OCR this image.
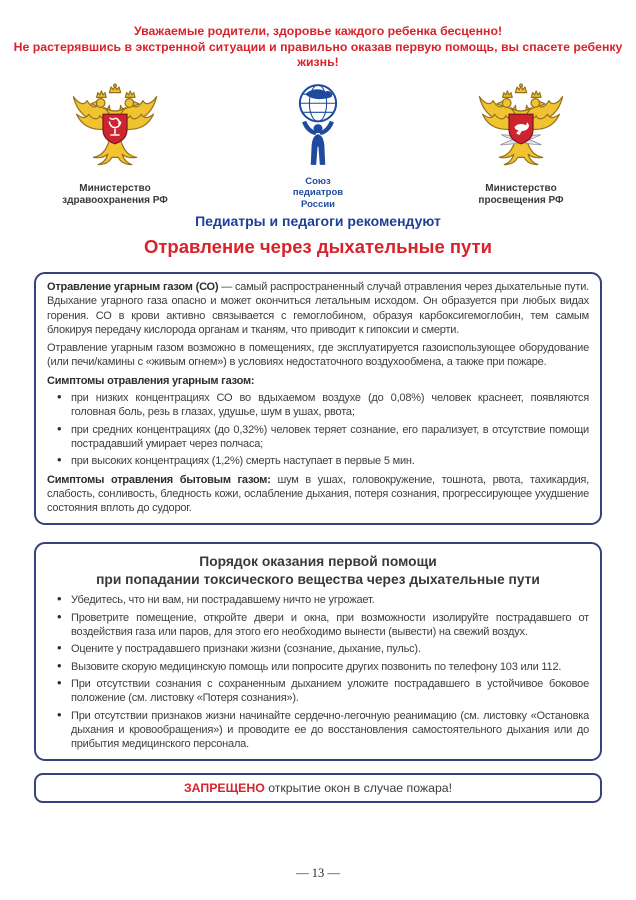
Уважаемые родители, здоровье каждого ребенка бесценно!
Не растерявшись в экстренной ситуации и правильно оказав первую помощь, вы спасете ребенку жизнь!
Министерство
здравоохранения РФ
Союз
педиатров
России
Министерство
просвещения РФ
Педиатры и педагоги рекомендуют
Отравление через дыхательные пути

Отравление угарным газом (СО) — самый распространенный случай отравления через дыхательные пути. Вдыхание угарного газа опасно и может окончиться летальным исходом. Он образуется при любых видах горения. СО в крови активно связывается с гемоглобином, образуя карбоксигемоглобин, тем самым блокируя передачу кислорода органам и тканям, что приводит к гипоксии и смерти.

Отравление угарным газом возможно в помещениях, где эксплуатируется газоиспользующее оборудование (или печи/камины с «живым огнем») в условиях недостаточного воздухообмена, а также при пожаре.

Симптомы отравления угарным газом:
• при низких концентрациях СО во вдыхаемом воздухе (до 0,08%) человек краснеет, появляются головная боль, резь в глазах, удушье, шум в ушах, рвота;
• при средних концентрациях (до 0,32%) человек теряет сознание, его парализует, в отсутствие помощи пострадавший умирает через полчаса;
• при высоких концентрациях (1,2%) смерть наступает в первые 5 мин.

Симптомы отравления бытовым газом: шум в ушах, головокружение, тошнота, рвота, тахикардия, слабость, сонливость, бледность кожи, ослабление дыхания, потеря сознания, прогрессирующее ухудшение состояния вплоть до судорог.

Порядок оказания первой помощи
при попадании токсического вещества через дыхательные пути
• Убедитесь, что ни вам, ни пострадавшему ничто не угрожает.
• Проветрите помещение, откройте двери и окна, при возможности изолируйте пострадавшего от воздействия газа или паров, для этого его необходимо вынести (вывести) на свежий воздух.
• Оцените у пострадавшего признаки жизни (сознание, дыхание, пульс).
• Вызовите скорую медицинскую помощь или попросите других позвонить по телефону 103 или 112.
• При отсутствии сознания с сохраненным дыханием уложите пострадавшего в устойчивое боковое положение (см. листовку «Потеря сознания»).
• При отсутствии признаков жизни начинайте сердечно-легочную реанимацию (см. листовку «Остановка дыхания и кровообращения») и проводите ее до восстановления самостоятельного дыхания или до прибытия медицинского персонала.
ЗАПРЕЩЕНО открытие окон в случае пожара!
— 13 —
